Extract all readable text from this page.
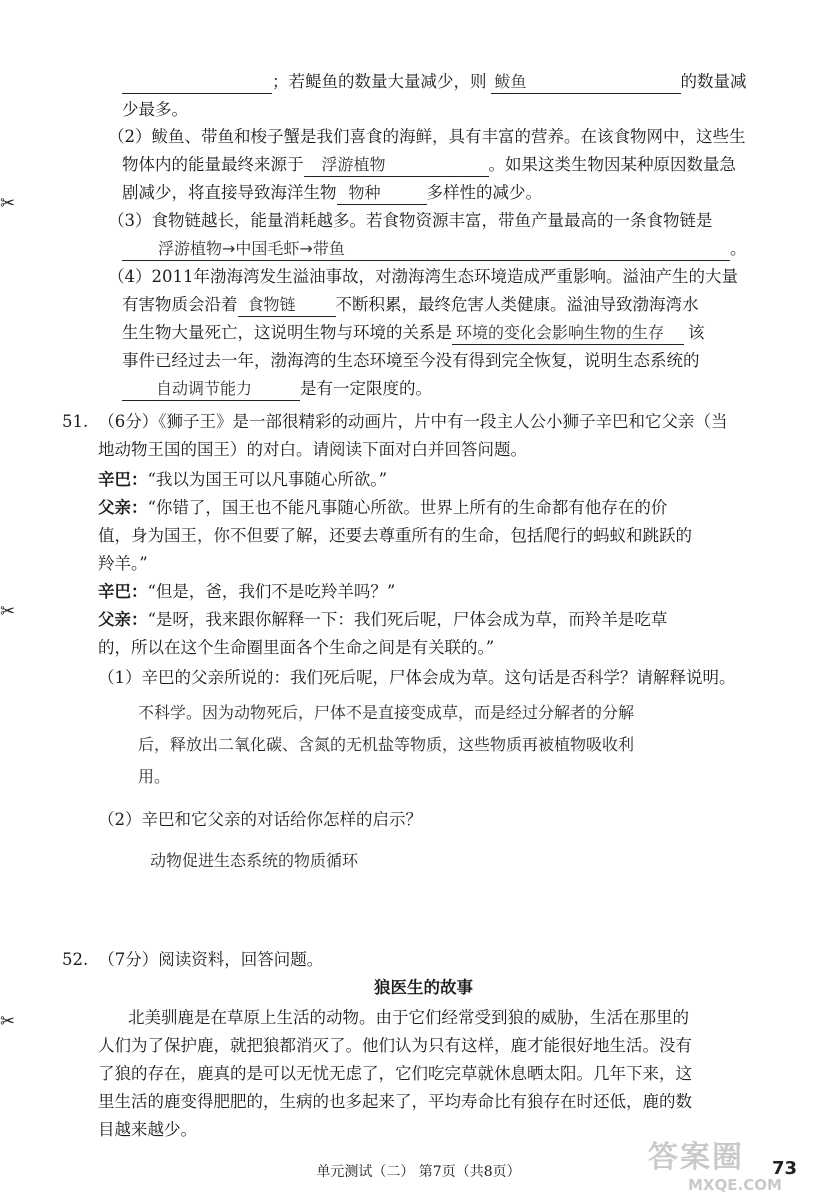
；若鳀鱼的数量大量减少，则 鲅鱼	的数量减
少最多。
（2）鲅鱼、带鱼和梭子蟹是我们喜食的海鲜，具有丰富的营养。在该食物网中，这些生
物体内的能量最终来源于 浮游植物	。如果这类生物因某种原因数量急
剧减少，将直接导致海洋生物 物种	多样性的减少。
（3）食物链越长，能量消耗越多。若食物资源丰富，带鱼产量最高的一条食物链是
浮游植物→中国毛虾→带鱼	。
（4）2011年渤海湾发生溢油事故，对渤海湾生态环境造成严重影响。溢油产生的大量
有害物质会沿着 食物链	不断积累，最终危害人类健康。溢油导致渤海湾水
生生物大量死亡，这说明生物与环境的关系是 环境的变化会影响生物的生存	该
事件已经过去一年，渤海湾的生态环境至今没有得到完全恢复，说明生态系统的
自动调节能力	是有一定限度的。
51. （6分）《狮子王》是一部很精彩的动画片，片中有一段主人公小狮子辛巴和它父亲（当
地动物王国的国王）的对白。请阅读下面对白并回答问题。
辛巴：“我以为国王可以凡事随心所欲。”
父亲：“你错了，国王也不能凡事随心所欲。世界上所有的生命都有他存在的价
值，身为国王，你不但要了解，还要去尊重所有的生命，包括爬行的蚂蚁和跳跃的
羚羊。”
辛巴：“但是，爸，我们不是吃羚羊吗？”
父亲：“是呀，我来跟你解释一下：我们死后呢，尸体会成为草，而羚羊是吃草
的，所以在这个生命圈里面各个生命之间是有关联的。”
（1）辛巴的父亲所说的：我们死后呢，尸体会成为草。这句话是否科学？请解释说明。
不科学。因为动物死后，尸体不是直接变成草，而是经过分解者的分解
后，释放出二氧化碳、含氮的无机盐等物质，这些物质再被植物吸收利
用。
（2）辛巴和它父亲的对话给你怎样的启示？
动物促进生态系统的物质循环
52. （7分）阅读资料，回答问题。
狼医生的故事
北美驯鹿是在草原上生活的动物。由于它们经常受到狼的威胁，生活在那里的
人们为了保护鹿，就把狼都消灭了。他们认为只有这样，鹿才能很好地生活。没有
了狼的存在，鹿真的是可以无忧无虑了，它们吃完草就休息晒太阳。几年下来，这
里生活的鹿变得肥肥的，生病的也多起来了，平均寿命比有狼存在时还低，鹿的数
目越来越少。
单元测试（二） 第7页（共8页）	73
答案圈
MXQE.COM
✂
✂
✂
